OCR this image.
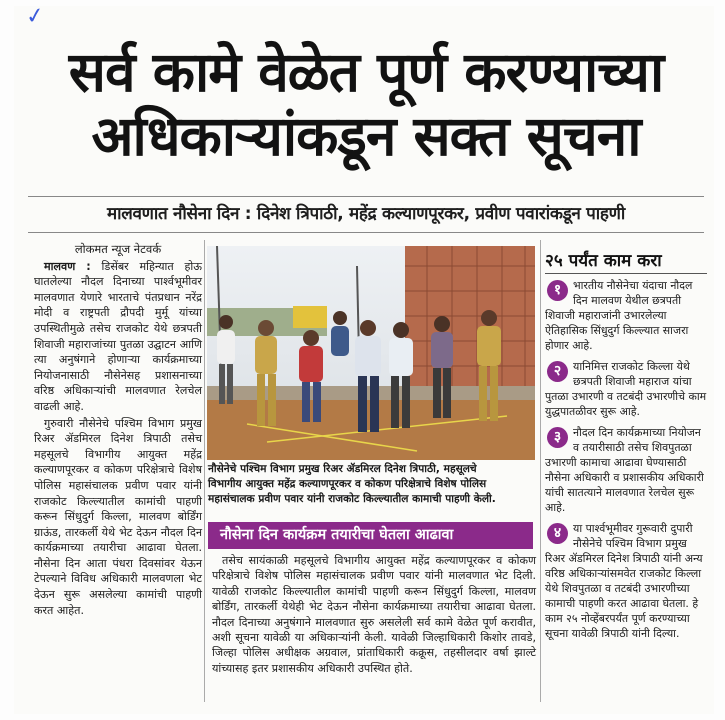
✓
सर्व कामे वेळेत पूर्ण करण्याच्या
अधिकाऱ्यांकडून सक्त सूचना
मालवणात नौसेना दिन : दिनेश त्रिपाठी, महेंद्र कल्याणपूरकर, प्रवीण पवारांकडून पाहणी
लोकमत न्यूज नेटवर्क

मालवण : डिसेंबर महिन्यात होऊ घातलेल्या नौदल दिनाच्या पार्श्वभूमीवर मालवणात येणारे भारताचे पंतप्रधान नरेंद्र मोदी व राष्ट्रपती द्रौपदी मुर्मू यांच्या उपस्थितीमुळे तसेच राजकोट येथे छत्रपती शिवाजी महाराजांच्या पुतळा उद्घाटन आणि त्या अनुषंगाने होणाऱ्या कार्यक्रमाच्या नियोजनासाठी नौसेनेसह प्रशासनाच्या वरिष्ठ अधिकाऱ्यांची मालवणात रेलचेल वाढली आहे.

गुरुवारी नौसेनेचे पश्चिम विभाग प्रमुख रिअर ॲडमिरल दिनेश त्रिपाठी तसेच महसूलचे विभागीय आयुक्त महेंद्र कल्याणपूरकर व कोकण परिक्षेत्राचे विशेष पोलिस महासंचालक प्रवीण पवार यांनी राजकोट किल्ल्यातील कामांची पाहणी करून सिंधुदुर्ग किल्ला, मालवण बोर्डिंग ग्राऊंड, तारकर्ली येथे भेट देऊन नौदल दिन कार्यक्रमाच्या तयारीचा आढावा घेतला. नौसेना दिन आता पंधरा दिवसांवर येऊन टेपल्याने विविध अधिकारी मालवणला भेट देऊन सुरू असलेल्या कामांची पाहणी करत आहेत.

नौसेनेचे पश्चिम विभाग प्रमुख रिअर ॲडमिरल दिनेश त्रिपाठी, महसूलचे
विभागीय आयुक्त महेंद्र कल्याणपूरकर व कोकण परिक्षेत्राचे विशेष पोलिस
महासंचालक प्रवीण पवार यांनी राजकोट किल्ल्यातील कामाची पाहणी केली.
नौसेना दिन कार्यक्रम तयारीचा घेतला आढावा

तसेच सायंकाळी महसूलचे विभागीय आयुक्त महेंद्र कल्याणपूरकर व कोकण परिक्षेत्राचे विशेष पोलिस महासंचालक प्रवीण पवार यांनी मालवणात भेट दिली. यावेळी राजकोट किल्ल्यातील कामांची पाहणी करून सिंधुदुर्ग किल्ला, मालवण बोर्डिंग, तारकर्ली येथेही भेट देऊन नौसेना कार्यक्रमाच्या तयारीचा आढावा घेतला. नौदल दिनाच्या अनुषंगाने मालवणात सुरु असलेली सर्व कामे वेळेत पूर्ण करावीत, अशी सूचना यावेळी या अधिकाऱ्यांनी केली. यावेळी जिल्हाधिकारी किशोर तावडे, जिल्हा पोलिस अधीक्षक अग्रवाल, प्रांताधिकारी कक्रूस, तहसीलदार वर्षा झाल्टे यांच्यासह इतर प्रशासकीय अधिकारी उपस्थित होते.

२५ पर्यंत काम करा
१	भारतीय नौसेनेचा यंदाचा नौदल दिन मालवण येथील छत्रपती शिवाजी महाराजांनी उभारलेल्या ऐतिहासिक सिंधुदुर्ग किल्ल्यात साजरा होणार आहे.
२	यानिमित्त राजकोट किल्ला येथे छत्रपती शिवाजी महाराज यांचा पुतळा उभारणी व तटबंदी उभारणीचे काम युद्धपातळीवर सुरू आहे.
३	नौदल दिन कार्यक्रमाच्या नियोजन व तयारीसाठी तसेच शिवपुतळा उभारणी कामाचा आढावा घेण्यासाठी नौसेना अधिकारी व प्रशासकीय अधिकारी यांची सातत्याने मालवणात रेलचेल सुरू आहे.
४	या पार्श्वभूमीवर गुरूवारी दुपारी नौसेनेचे पश्चिम विभाग प्रमुख रिअर ॲडमिरल दिनेश त्रिपाठी यांनी अन्य वरिष्ठ अधिकाऱ्यांसमवेत राजकोट किल्ला येथे शिवपुतळा व तटबंदी उभारणीच्या कामाची पाहणी करत आढावा घेतला. हे काम २५ नोव्हेंबरपर्यंत पूर्ण करण्याच्या सूचना यावेळी त्रिपाठी यांनी दिल्या.
